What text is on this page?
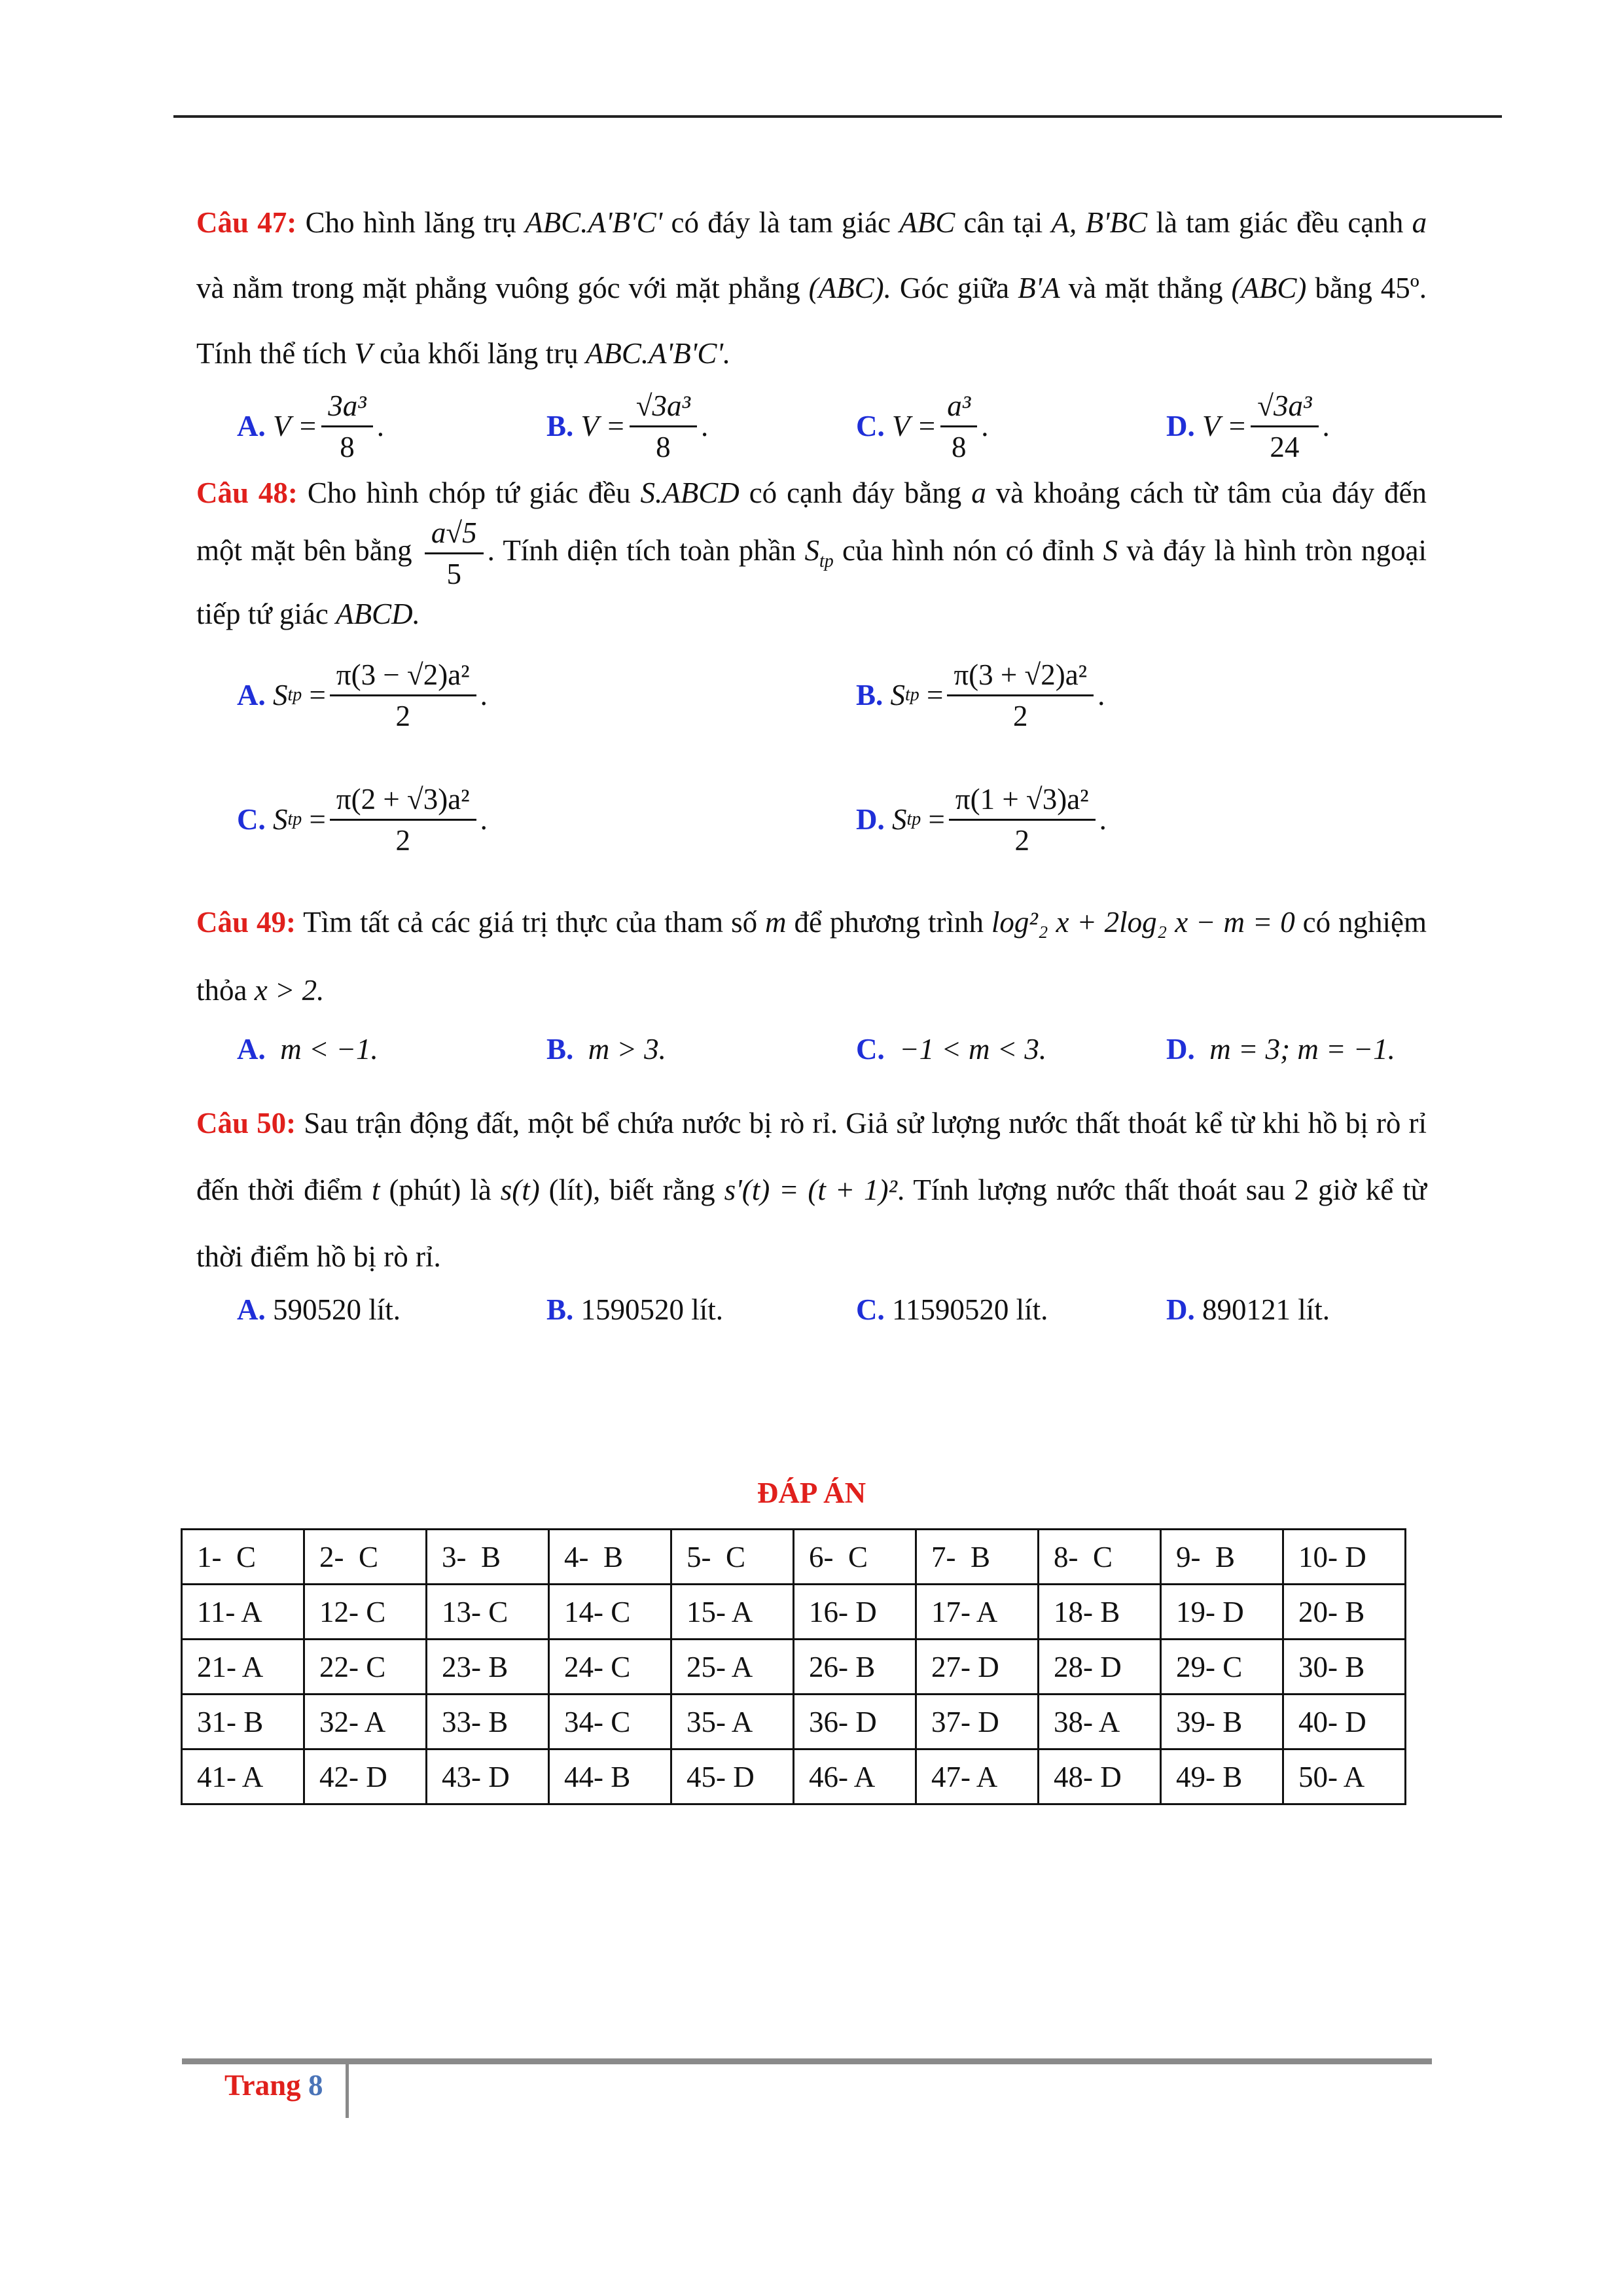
Câu 47: Cho hình lăng trụ ABC.A'B'C' có đáy là tam giác ABC cân tại A, B'BC là tam giác đều cạnh a và nằm trong mặt phẳng vuông góc với mặt phẳng (ABC). Góc giữa B'A và mặt thẳng (ABC) bằng 45º. Tính thể tích V của khối lăng trụ ABC.A'B'C'.

A.
$V = \frac{\text{3a³}}{8}$ .	B.
$V = \frac{\text{√3a³}}{8}$ .	C.
$V = \frac{\text{a³}}{8}$ .	D.
$V = \frac{\text{√3a³}}{24}$ .

Câu 48: Cho hình chóp tứ giác đều S.ABCD có cạnh đáy bằng a và khoảng cách từ tâm của đáy đến một mặt bên bằng $\frac{a√5}{5}$ . Tính diện tích toàn phần $S_{tp}$ của hình nón có đỉnh S và đáy là hình tròn ngoại tiếp tứ giác ABCD.

A.
S tp = $\frac{\text{π(3 − √2)a²}}{2}$ .	B.
S tp = $\frac{\text{π(3 + √2)a²}}{2}$ .
C.
S tp = $\frac{\text{π(2 + √3)a²}}{2}$ .	D.
S tp = $\frac{\text{π(1 + √3)a²}}{2}$ .

Câu 49: Tìm tất cả các giá trị thực của tham số m để phương trình log²₂ x + 2log₂ x − m = 0 có nghiệm thỏa x > 2.

A. m < −1.	B. m > 3.	C. −1 < m < 3.	D. m = 3; m = −1.

Câu 50: Sau trận động đất, một bể chứa nước bị rò rỉ. Giả sử lượng nước thất thoát kể từ khi hồ bị rò rỉ đến thời điểm t (phút) là s(t) (lít), biết rằng s'(t) = (t + 1)². Tính lượng nước thất thoát sau 2 giờ kể từ thời điểm hồ bị rò rỉ.

A. 590520 lít.	B. 1590520 lít.	C. 11590520 lít.	D. 890121 lít.
ĐÁP ÁN
1-  C	2-  C	3-  B	4-  B	5-  C	6-  C	7-  B	8-  C	9-  B	10- D
11- A	12- C	13- C	14- C	15- A	16- D	17- A	18- B	19- D	20- B
21- A	22- C	23- B	24- C	25- A	26- B	27- D	28- D	29- C	30- B
31- B	32- A	33- B	34- C	35- A	36- D	37- D	38- A	39- B	40- D
41- A	42- D	43- D	44- B	45- D	46- A	47- A	48- D	49- B	50- A
Trang 8
